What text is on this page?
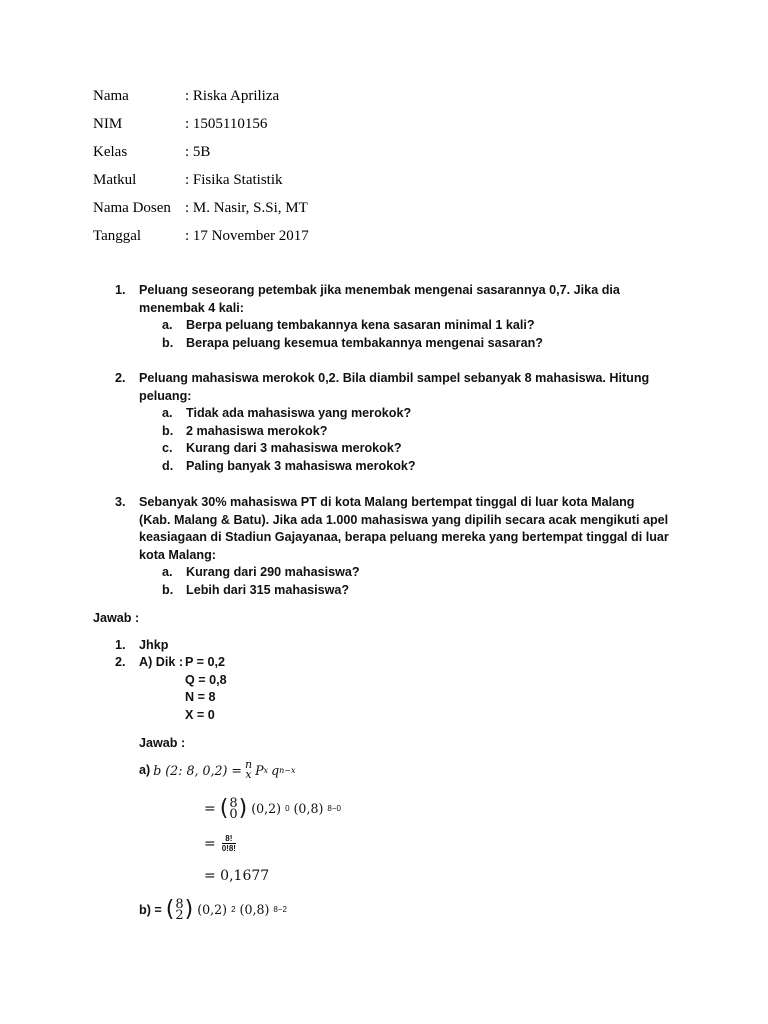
Nama	: Riska Apriliza
NIM	: 1505110156
Kelas	: 5B
Matkul	: Fisika Statistik
Nama Dosen : M. Nasir, S.Si, MT
Tanggal	: 17 November 2017
1. Peluang seseorang petembak jika menembak mengenai sasarannya 0,7. Jika dia menembak 4 kali:
a. Berpa peluang tembakannya kena sasaran minimal 1 kali?
b. Berapa peluang kesemua tembakannya mengenai sasaran?
2. Peluang mahasiswa merokok 0,2. Bila diambil sampel sebanyak 8 mahasiswa. Hitung peluang:
a. Tidak ada mahasiswa yang merokok?
b. 2 mahasiswa merokok?
c. Kurang dari 3 mahasiswa merokok?
d. Paling banyak 3 mahasiswa merokok?
3. Sebanyak 30% mahasiswa PT di kota Malang bertempat tinggal di luar kota Malang (Kab. Malang & Batu). Jika ada 1.000 mahasiswa yang dipilih secara acak mengikuti apel keasiagaan di Stadiun Gajayanaa, berapa peluang mereka yang bertempat tinggal di luar kota Malang:
a. Kurang dari 290 mahasiswa?
b. Lebih dari 315 mahasiswa?
Jawab :
1. Jhkp
2. A) Dik : P = 0,2
Q = 0,8
N = 8
X = 0
Jawab :
a) b (2: 8, 0,2) = n
x P x q n−x
= ( 8
0 ) (0,2) 0 (0,8) 8−0
= $\frac{8!}{0!8!}$
= 0,1677
b) = ( 8
2 ) (0,2) 2 (0,8) 8−2
